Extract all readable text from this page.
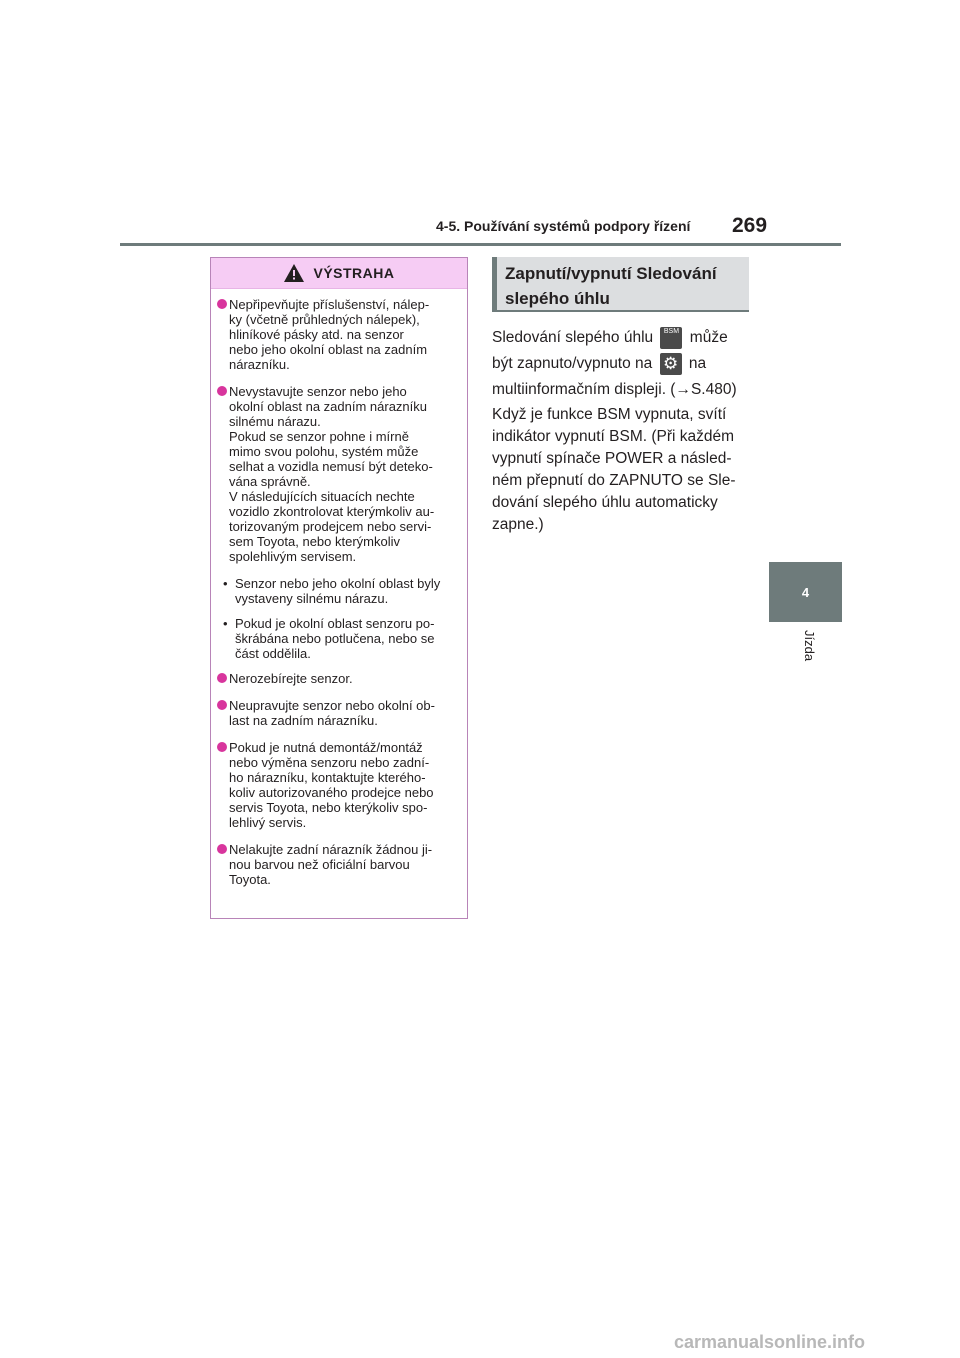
4-5. Používání systémů podpory řízení 269
4
Jízda
VÝSTRAHA
Nepřipevňujte příslušenství, nálep-
ky (včetně průhledných nálepek),
hliníkové pásky atd. na senzor
nebo jeho okolní oblast na zadním
nárazníku.
Nevystavujte senzor nebo jeho
okolní oblast na zadním nárazníku
silnému nárazu.
Pokud se senzor pohne i mírně
mimo svou polohu, systém může
selhat a vozidla nemusí být deteko-
vána správně.
V následujících situacích nechte
vozidlo zkontrolovat kterýmkoliv au-
torizovaným prodejcem nebo servi-
sem Toyota, nebo kterýmkoliv
spolehlivým servisem.
• Senzor nebo jeho okolní oblast byly
vystaveny silnému nárazu.
• Pokud je okolní oblast senzoru po-
škrábána nebo potlučena, nebo se
část oddělila.
Nerozebírejte senzor.
Neupravujte senzor nebo okolní ob-
last na zadním nárazníku.
Pokud je nutná demontáž/montáž
nebo výměna senzoru nebo zadní-
ho nárazníku, kontaktujte kterého-
koliv autorizovaného prodejce nebo
servis Toyota, nebo kterýkoliv spo-
lehlivý servis.
Nelakujte zadní nárazník žádnou ji-
nou barvou než oficiální barvou
Toyota.
Zapnutí/vypnutí Sledování
slepého úhlu
Sledování slepého úhlu BSM může
být zapnuto/vypnuto na ⚙ na
multiinformačním displeji. (→S.480)
Když je funkce BSM vypnuta, svítí
indikátor vypnutí BSM. (Při každém
vypnutí spínače POWER a násled-
ném přepnutí do ZAPNUTO se Sle-
dování slepého úhlu automaticky
zapne.)
carmanualsonline.info
